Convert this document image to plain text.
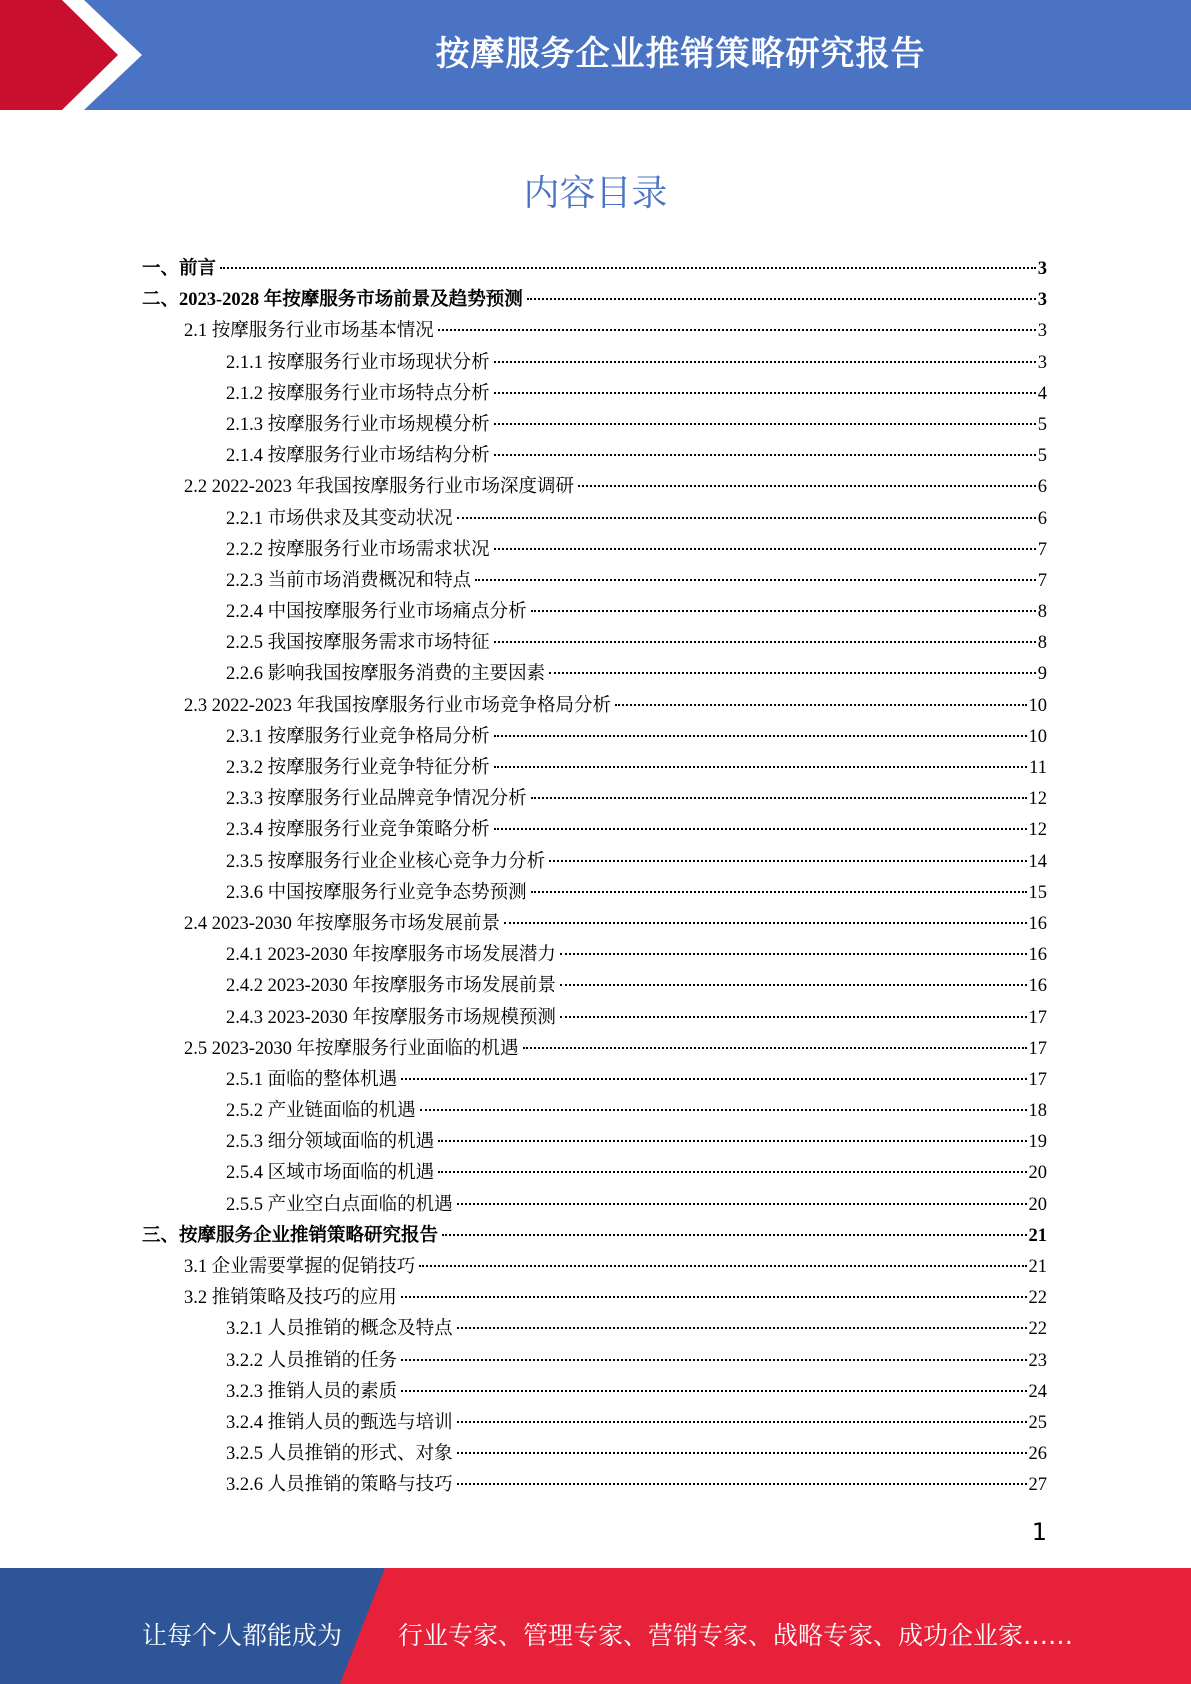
按摩服务企业推销策略研究报告
内容目录
一、前言	3
二、2023-2028 年按摩服务市场前景及趋势预测	3
2.1 按摩服务行业市场基本情况	3
2.1.1 按摩服务行业市场现状分析	3
2.1.2 按摩服务行业市场特点分析	4
2.1.3 按摩服务行业市场规模分析	5
2.1.4 按摩服务行业市场结构分析	5
2.2 2022-2023 年我国按摩服务行业市场深度调研	6
2.2.1 市场供求及其变动状况	6
2.2.2 按摩服务行业市场需求状况	7
2.2.3 当前市场消费概况和特点	7
2.2.4 中国按摩服务行业市场痛点分析	8
2.2.5 我国按摩服务需求市场特征	8
2.2.6 影响我国按摩服务消费的主要因素	9
2.3 2022-2023 年我国按摩服务行业市场竞争格局分析	10
2.3.1 按摩服务行业竞争格局分析	10
2.3.2 按摩服务行业竞争特征分析	11
2.3.3 按摩服务行业品牌竞争情况分析	12
2.3.4 按摩服务行业竞争策略分析	12
2.3.5 按摩服务行业企业核心竞争力分析	14
2.3.6 中国按摩服务行业竞争态势预测	15
2.4 2023-2030 年按摩服务市场发展前景	16
2.4.1 2023-2030 年按摩服务市场发展潜力	16
2.4.2 2023-2030 年按摩服务市场发展前景	16
2.4.3 2023-2030 年按摩服务市场规模预测	17
2.5 2023-2030 年按摩服务行业面临的机遇	17
2.5.1 面临的整体机遇	17
2.5.2 产业链面临的机遇	18
2.5.3 细分领域面临的机遇	19
2.5.4 区域市场面临的机遇	20
2.5.5 产业空白点面临的机遇	20
三、按摩服务企业推销策略研究报告	21
3.1 企业需要掌握的促销技巧	21
3.2 推销策略及技巧的应用	22
3.2.1 人员推销的概念及特点	22
3.2.2 人员推销的任务	23
3.2.3 推销人员的素质	24
3.2.4 推销人员的甄选与培训	25
3.2.5 人员推销的形式、对象	26
3.2.6 人员推销的策略与技巧	27
1
让每个人都能成为 行业专家、管理专家、营销专家、战略专家、成功企业家……
